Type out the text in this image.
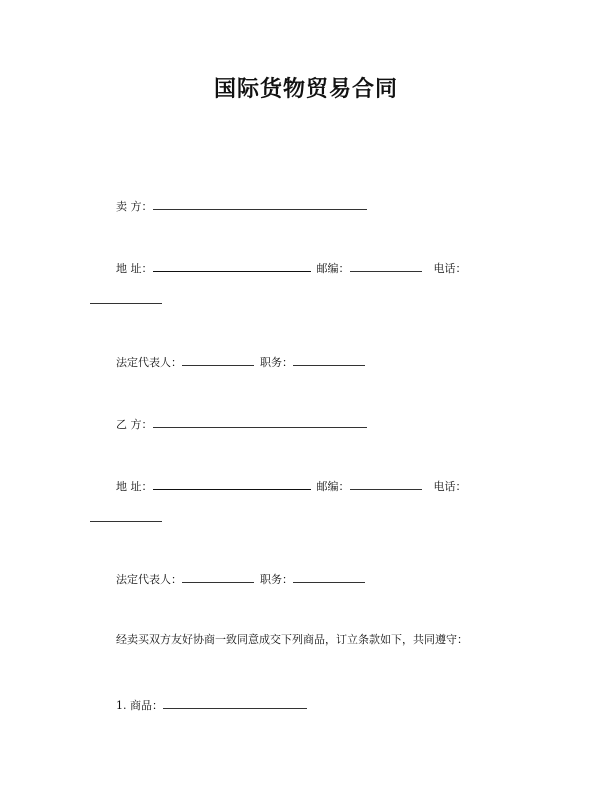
国际货物贸易合同
卖 方：
地 址：	邮编：	电话：
法定代表人：	职务：
乙 方：
地 址：	邮编：	电话：
法定代表人：	职务：
经卖买双方友好协商一致同意成交下列商品，订立条款如下，共同遵守：
1. 商品：
